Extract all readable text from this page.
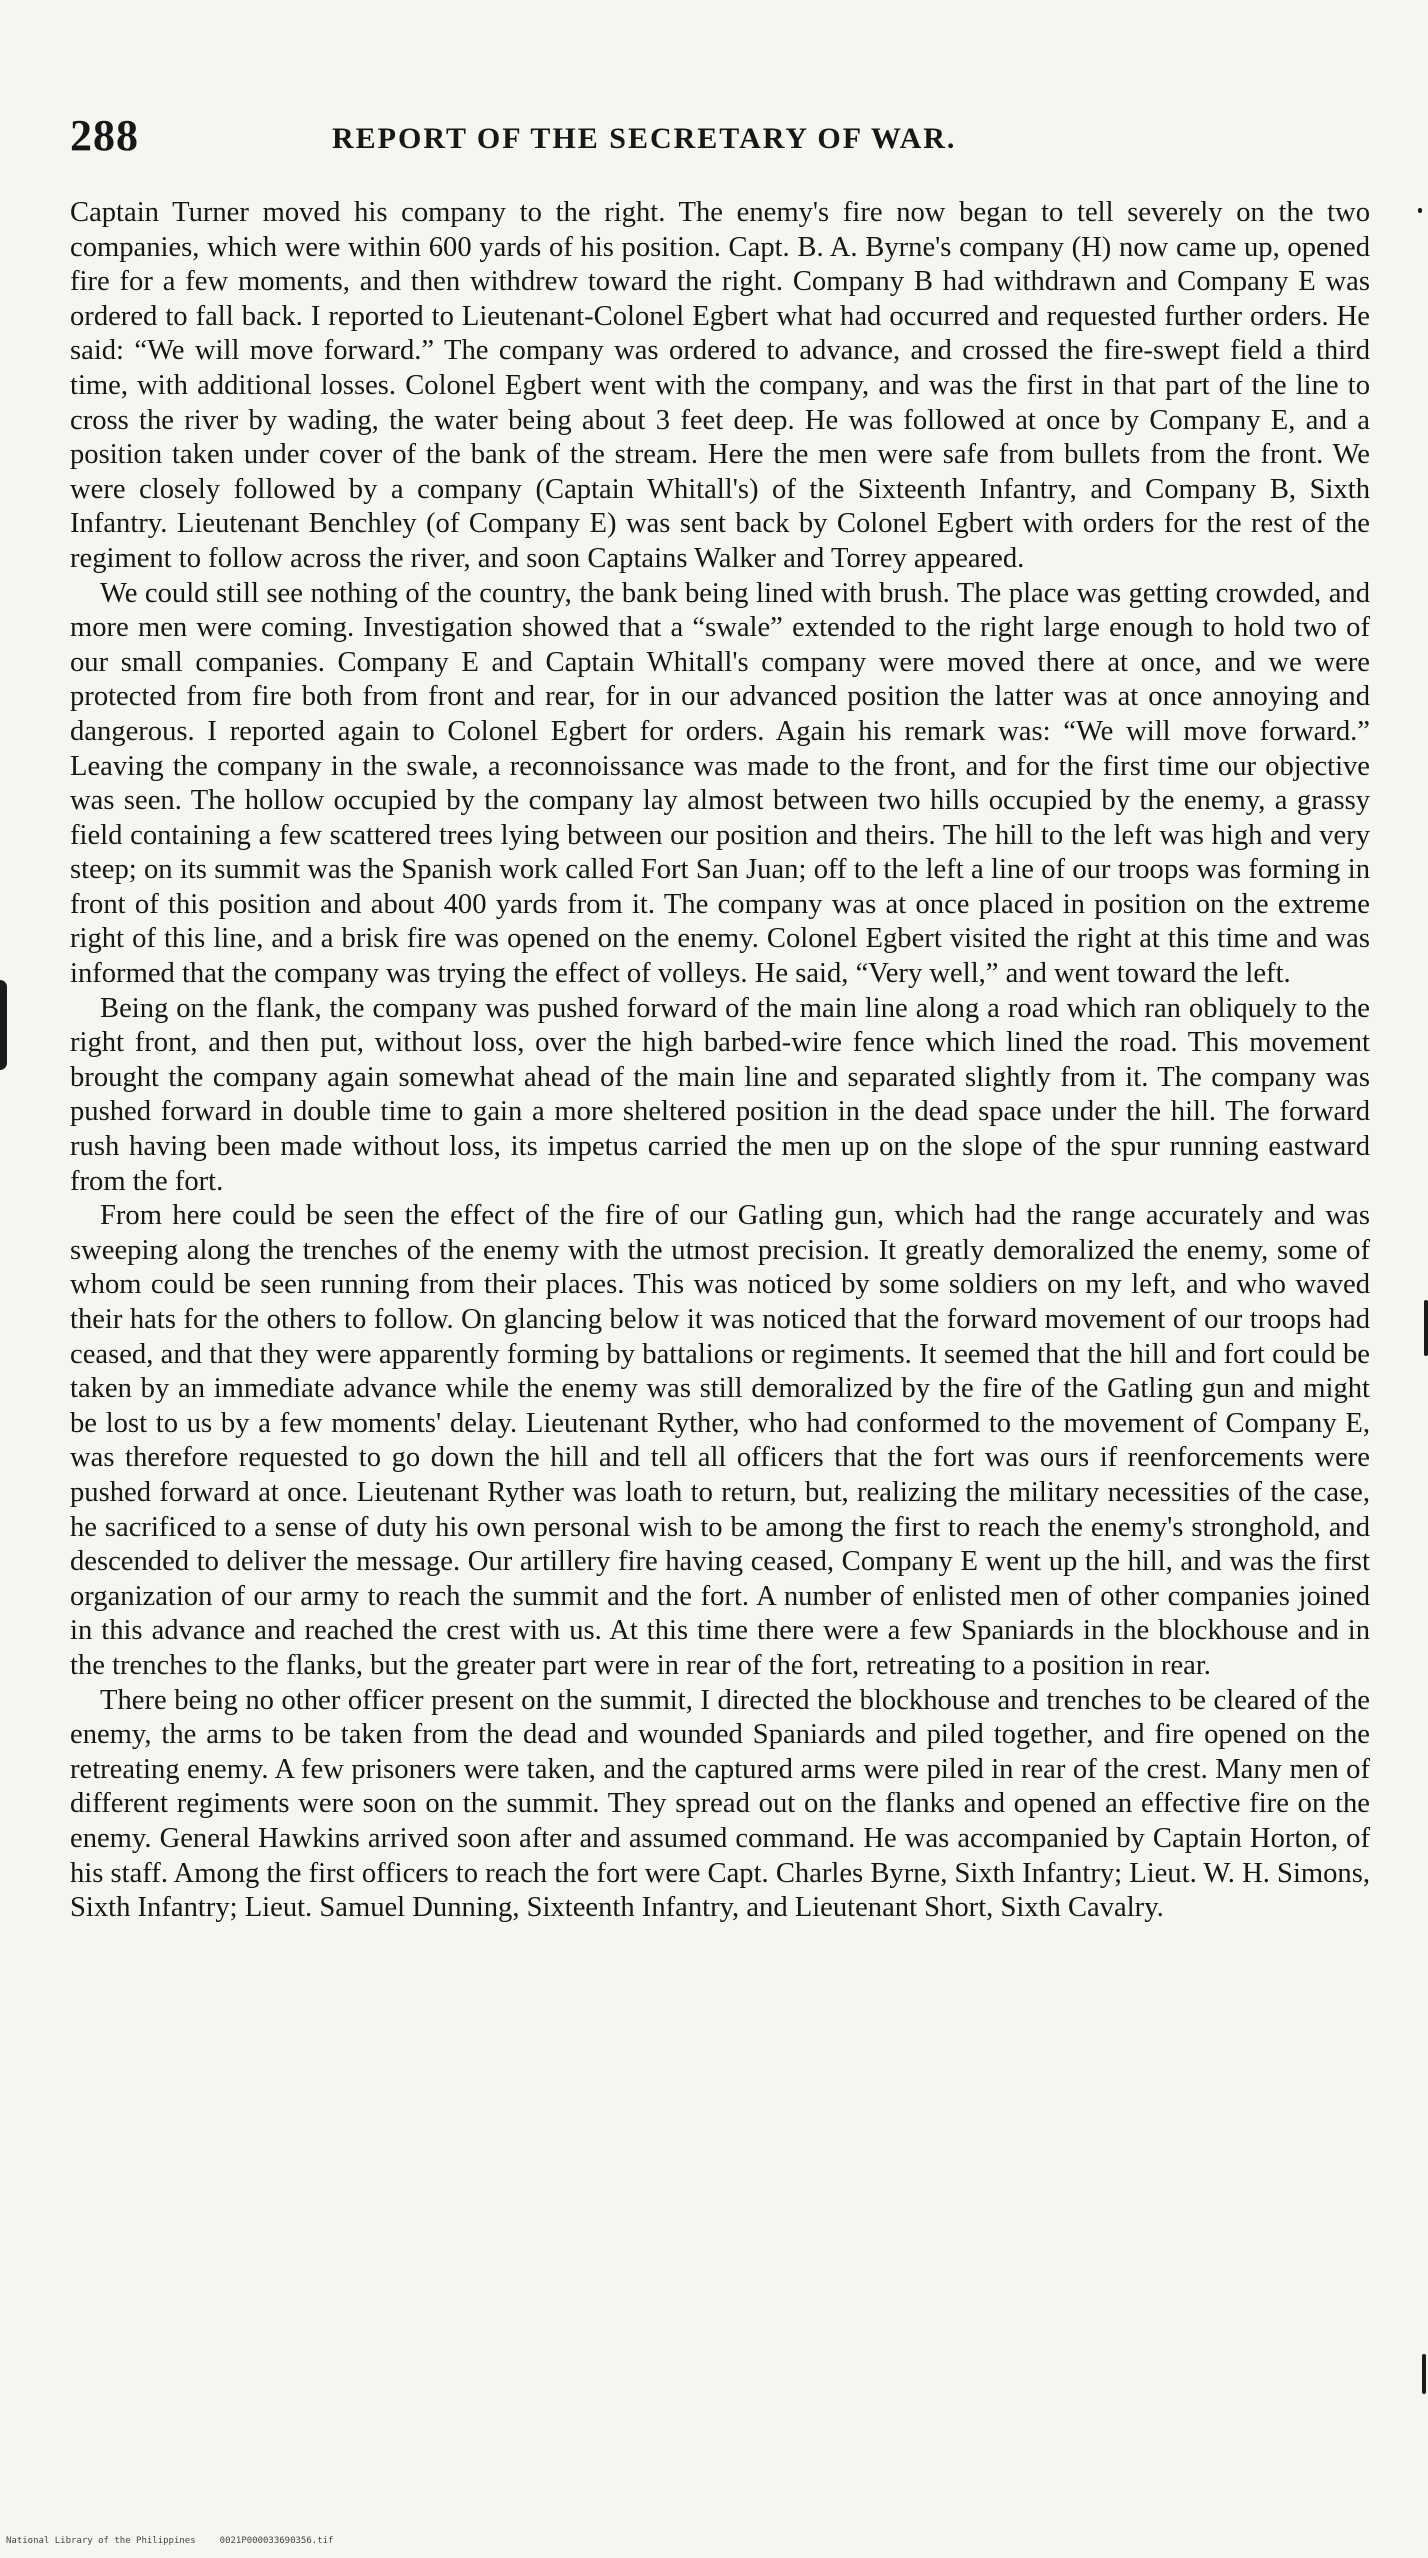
288	REPORT OF THE SECRETARY OF WAR.

Captain Turner moved his company to the right. The enemy's fire now began to tell severely on the two companies, which were within 600 yards of his position. Capt. B. A. Byrne's company (H) now came up, opened fire for a few moments, and then withdrew toward the right. Company B had withdrawn and Company E was ordered to fall back. I reported to Lieutenant-Colonel Egbert what had occurred and requested further orders. He said: “We will move forward.” The company was ordered to advance, and crossed the fire-swept field a third time, with additional losses. Colonel Egbert went with the company, and was the first in that part of the line to cross the river by wading, the water being about 3 feet deep. He was followed at once by Company E, and a position taken under cover of the bank of the stream. Here the men were safe from bullets from the front. We were closely followed by a company (Captain Whitall's) of the Sixteenth Infantry, and Company B, Sixth Infantry. Lieutenant Benchley (of Company E) was sent back by Colonel Egbert with orders for the rest of the regiment to follow across the river, and soon Captains Walker and Torrey appeared.

We could still see nothing of the country, the bank being lined with brush. The place was getting crowded, and more men were coming. Investigation showed that a “swale” extended to the right large enough to hold two of our small companies. Company E and Captain Whitall's company were moved there at once, and we were protected from fire both from front and rear, for in our advanced position the latter was at once annoying and dangerous. I reported again to Colonel Egbert for orders. Again his remark was: “We will move forward.” Leaving the company in the swale, a reconnoissance was made to the front, and for the first time our objective was seen. The hollow occupied by the company lay almost between two hills occupied by the enemy, a grassy field containing a few scattered trees lying between our position and theirs. The hill to the left was high and very steep; on its summit was the Spanish work called Fort San Juan; off to the left a line of our troops was forming in front of this position and about 400 yards from it. The company was at once placed in position on the extreme right of this line, and a brisk fire was opened on the enemy. Colonel Egbert visited the right at this time and was informed that the company was trying the effect of volleys. He said, “Very well,” and went toward the left.

Being on the flank, the company was pushed forward of the main line along a road which ran obliquely to the right front, and then put, without loss, over the high barbed-wire fence which lined the road. This movement brought the company again somewhat ahead of the main line and separated slightly from it. The company was pushed forward in double time to gain a more sheltered position in the dead space under the hill. The forward rush having been made without loss, its impetus carried the men up on the slope of the spur running eastward from the fort.

From here could be seen the effect of the fire of our Gatling gun, which had the range accurately and was sweeping along the trenches of the enemy with the utmost precision. It greatly demoralized the enemy, some of whom could be seen running from their places. This was noticed by some soldiers on my left, and who waved their hats for the others to follow. On glancing below it was noticed that the forward movement of our troops had ceased, and that they were apparently forming by battalions or regiments. It seemed that the hill and fort could be taken by an immediate advance while the enemy was still demoralized by the fire of the Gatling gun and might be lost to us by a few moments' delay. Lieutenant Ryther, who had conformed to the movement of Company E, was therefore requested to go down the hill and tell all officers that the fort was ours if reenforcements were pushed forward at once. Lieutenant Ryther was loath to return, but, realizing the military necessities of the case, he sacrificed to a sense of duty his own personal wish to be among the first to reach the enemy's stronghold, and descended to deliver the message. Our artillery fire having ceased, Company E went up the hill, and was the first organization of our army to reach the summit and the fort. A number of enlisted men of other companies joined in this advance and reached the crest with us. At this time there were a few Spaniards in the blockhouse and in the trenches to the flanks, but the greater part were in rear of the fort, retreating to a position in rear.

There being no other officer present on the summit, I directed the blockhouse and trenches to be cleared of the enemy, the arms to be taken from the dead and wounded Spaniards and piled together, and fire opened on the retreating enemy. A few prisoners were taken, and the captured arms were piled in rear of the crest. Many men of different regiments were soon on the summit. They spread out on the flanks and opened an effective fire on the enemy. General Hawkins arrived soon after and assumed command. He was accompanied by Captain Horton, of his staff. Among the first officers to reach the fort were Capt. Charles Byrne, Sixth Infantry; Lieut. W. H. Simons, Sixth Infantry; Lieut. Samuel Dunning, Sixteenth Infantry, and Lieutenant Short, Sixth Cavalry.

National Library of the Philippines	0021P000033690356.tif
